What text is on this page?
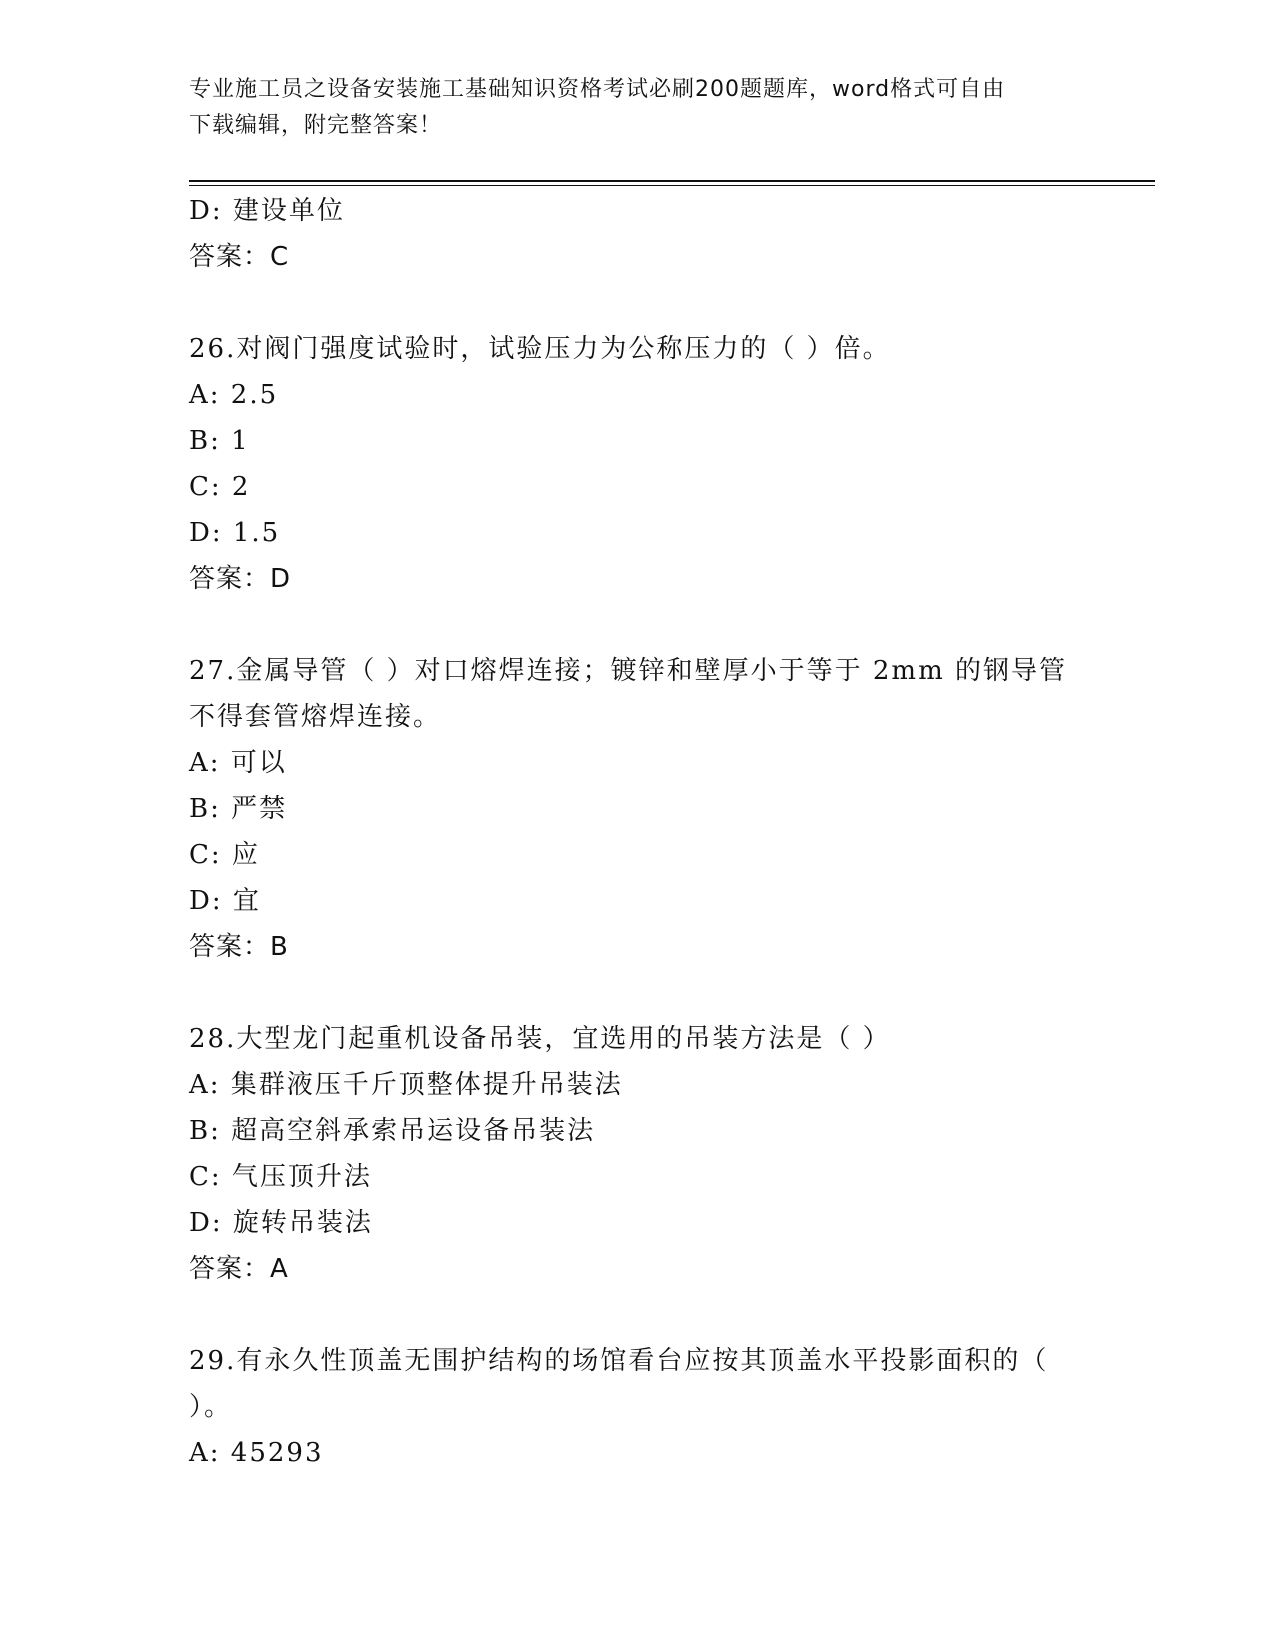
专业施工员之设备安装施工基础知识资格考试必刷200题题库，word格式可自由
下载编辑，附完整答案！
D: 建设单位
答案：C
26.对阀门强度试验时，试验压力为公称压力的（ ）倍。
A: 2.5
B: 1
C: 2
D: 1.5
答案：D
27.金属导管（ ）对口熔焊连接；镀锌和壁厚小于等于 2mm 的钢导管
不得套管熔焊连接。
A: 可以
B: 严禁
C: 应
D: 宜
答案：B
28.大型龙门起重机设备吊装，宜选用的吊装方法是（ ）
A: 集群液压千斤顶整体提升吊装法
B: 超高空斜承索吊运设备吊装法
C: 气压顶升法
D: 旋转吊装法
答案：A
29.有永久性顶盖无围护结构的场馆看台应按其顶盖水平投影面积的（
）。
A: 45293
